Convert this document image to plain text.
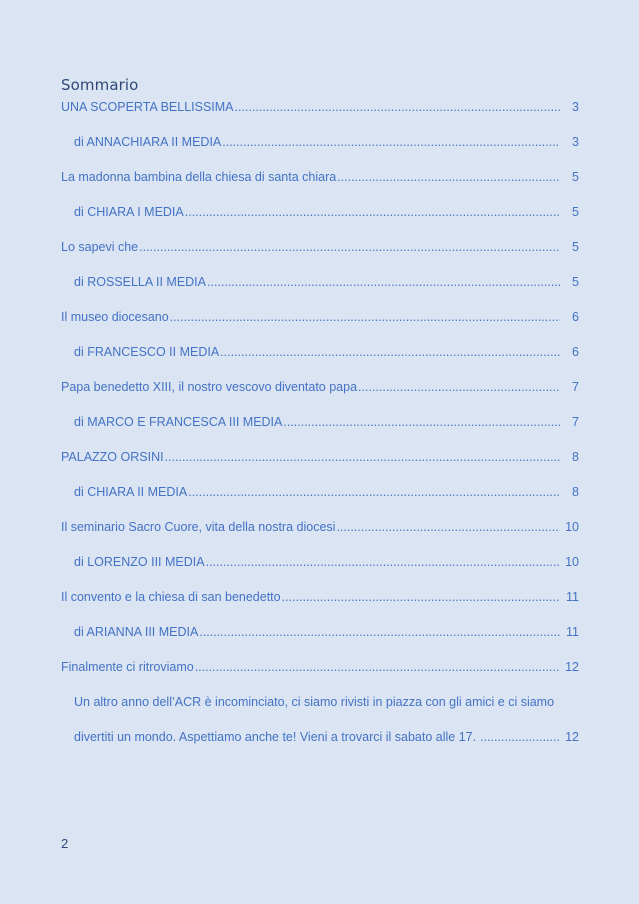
Sommario
UNA SCOPERTA BELLISSIMA .....	3
di ANNACHIARA II MEDIA .....	3
La madonna bambina della chiesa di santa chiara .....	5
di CHIARA I MEDIA .....	5
Lo sapevi che .....	5
di ROSSELLA II MEDIA .....	5
Il museo diocesano .....	6
di FRANCESCO II MEDIA .....	6
Papa benedetto XIII, il nostro vescovo diventato papa .....	7
di MARCO E FRANCESCA III MEDIA .....	7
PALAZZO ORSINI .....	8
di CHIARA II MEDIA .....	8
Il seminario Sacro Cuore, vita della nostra diocesi .....	10
di LORENZO III MEDIA .....	10
Il convento e la chiesa di san benedetto .....	11
di ARIANNA III MEDIA .....	11
Finalmente ci ritroviamo .....	12
Un altro anno dell’ACR è incominciato, ci siamo rivisti in piazza con gli amici e ci siamo
divertiti un mondo. Aspettiamo anche te! Vieni a trovarci il sabato alle 17. .....	12
2
